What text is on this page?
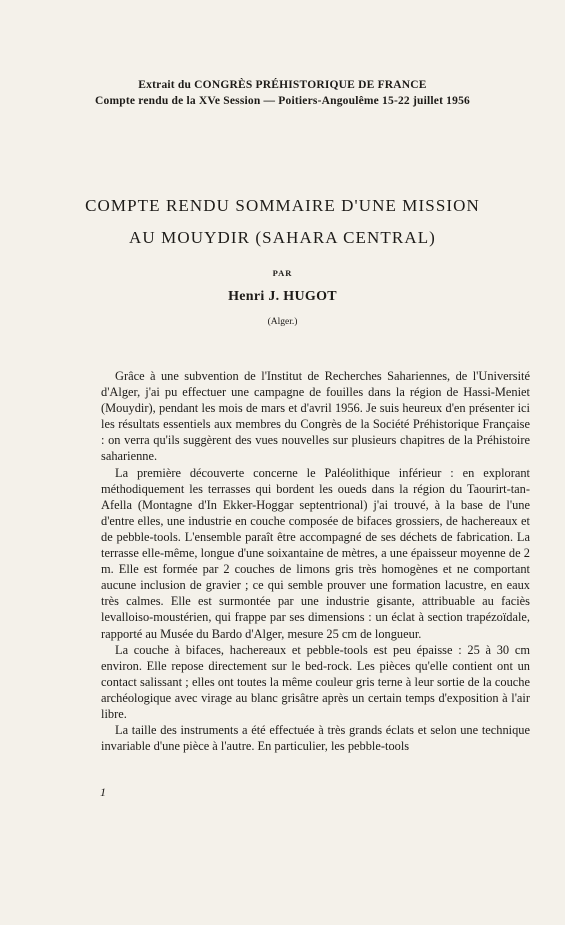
Extrait du CONGRÈS PRÉHISTORIQUE DE FRANCE
Compte rendu de la XVe Session — Poitiers-Angoulême 15-22 juillet 1956
COMPTE RENDU SOMMAIRE D'UNE MISSION
AU MOUYDIR (SAHARA CENTRAL)
PAR
Henri J. HUGOT
(Alger.)

Grâce à une subvention de l'Institut de Recherches Sahariennes, de l'Université d'Alger, j'ai pu effectuer une campagne de fouilles dans la région de Hassi-Meniet (Mouydir), pendant les mois de mars et d'avril 1956. Je suis heureux d'en présenter ici les résultats essentiels aux membres du Congrès de la Société Préhistorique Française : on verra qu'ils suggèrent des vues nouvelles sur plusieurs chapitres de la Préhistoire saharienne.

La première découverte concerne le Paléolithique inférieur : en explorant méthodiquement les terrasses qui bordent les oueds dans la région du Taourirt-tan-Afella (Montagne d'In Ekker-Hoggar septentrional) j'ai trouvé, à la base de l'une d'entre elles, une industrie en couche composée de bifaces grossiers, de hachereaux et de pebble-tools. L'ensemble paraît être accompagné de ses déchets de fabrication. La terrasse elle-même, longue d'une soixantaine de mètres, a une épaisseur moyenne de 2 m. Elle est formée par 2 couches de limons gris très homogènes et ne comportant aucune inclusion de gravier ; ce qui semble prouver une formation lacustre, en eaux très calmes. Elle est surmontée par une industrie gisante, attribuable au faciès levalloiso-moustérien, qui frappe par ses dimensions : un éclat à section trapézoïdale, rapporté au Musée du Bardo d'Alger, mesure 25 cm de longueur.

La couche à bifaces, hachereaux et pebble-tools est peu épaisse : 25 à 30 cm environ. Elle repose directement sur le bed-rock. Les pièces qu'elle contient ont un contact salissant ; elles ont toutes la même couleur gris terne à leur sortie de la couche archéologique avec virage au blanc grisâtre après un certain temps d'exposition à l'air libre.

La taille des instruments a été effectuée à très grands éclats et selon une technique invariable d'une pièce à l'autre. En particulier, les pebble-tools

1
